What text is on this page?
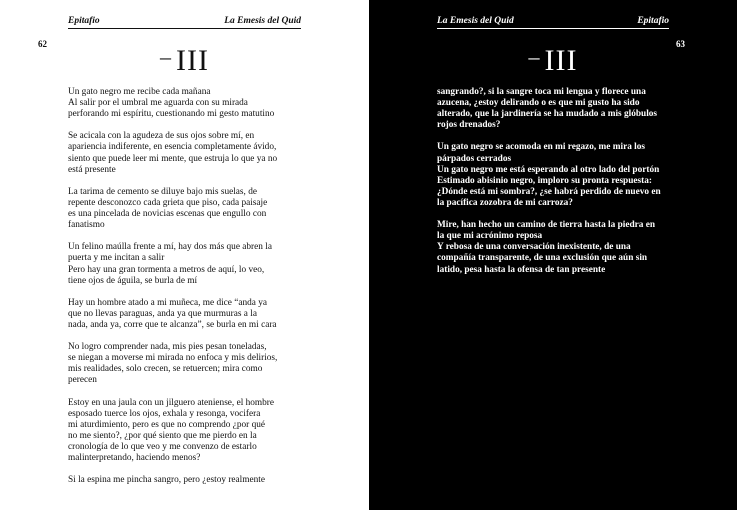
Epitafio	La Emesis del Quid
62	– III

Un gato negro me recibe cada mañana
Al salir por el umbral me aguarda con su mirada
perforando mi espíritu, cuestionando mi gesto matutino

Se acicala con la agudeza de sus ojos sobre mí, en
apariencia indiferente, en esencia completamente ávido,
siento que puede leer mi mente, que estruja lo que ya no
está presente

La tarima de cemento se diluye bajo mis suelas, de
repente desconozco cada grieta que piso, cada paisaje
es una pincelada de novicias escenas que engullo con
fanatismo

Un felino maúlla frente a mí, hay dos más que abren la
puerta y me incitan a salir
Pero hay una gran tormenta a metros de aquí, lo veo,
tiene ojos de águila, se burla de mí

Hay un hombre atado a mi muñeca, me dice “anda ya
que no llevas paraguas, anda ya que murmuras a la
nada, anda ya, corre que te alcanza”, se burla en mi cara

No logro comprender nada, mis pies pesan toneladas,
se niegan a moverse mi mirada no enfoca y mis delirios,
mis realidades, solo crecen, se retuercen; mira como
perecen

Estoy en una jaula con un jilguero ateniense, el hombre
esposado tuerce los ojos, exhala y resonga, vocifera
mi aturdimiento, pero es que no comprendo ¿por qué
no me siento?, ¿por qué siento que me pierdo en la
cronología de lo que veo y me convenzo de estarlo
malinterpretando, haciendo menos?

Si la espina me pincha sangro, pero ¿estoy realmente

La Emesis del Quid	Epitafio
63
– III

sangrando?, si la sangre toca mi lengua y florece una
azucena, ¿estoy delirando o es que mi gusto ha sido
alterado, que la jardinería se ha mudado a mis glóbulos
rojos drenados?

Un gato negro se acomoda en mi regazo, me mira los
párpados cerrados
Un gato negro me está esperando al otro lado del portón
Estimado abisinio negro, imploro su pronta respuesta:
¿Dónde está mi sombra?, ¿se habrá perdido de nuevo en
la pacífica zozobra de mi carroza?

Mire, han hecho un camino de tierra hasta la piedra en
la que mi acrónimo reposa
Y rebosa de una conversación inexistente, de una
compañía transparente, de una exclusión que aún sin
latido, pesa hasta la ofensa de tan presente
